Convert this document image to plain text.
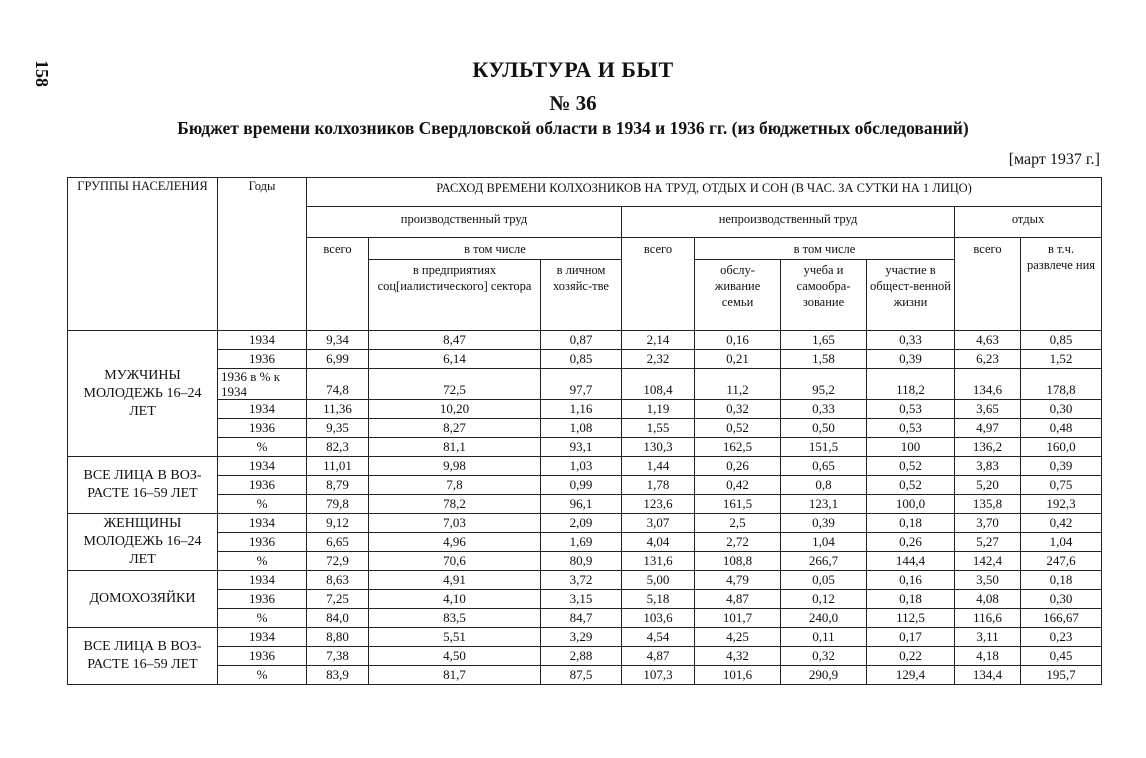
158	КУЛЬТУРА И БЫТ
№ 36
Бюджет времени колхозников Свердловской области в 1934 и 1936 гг. (из бюджетных обследований)
[март 1937 г.]
ГРУППЫ НАСЕЛЕНИЯ	Годы	РАСХОД ВРЕМЕНИ КОЛХОЗНИКОВ НА ТРУД, ОТДЫХ И СОН (В ЧАС. ЗА СУТКИ НА 1 ЛИЦО)								
		производственный труд			непроизводственный труд				отдых	
		всего	в том числе		всего	в том числе			всего	в т.ч. развлече ния
			в предприятиях соц[иалистического] сектора	в личном хозяйс-тве		обслу-живание семьи	учеба и самообра-зование	участие в общест-венной жизни		
МУЖЧИНЫ МОЛОДЕЖЬ 16–24 ЛЕТ	1934	9,34	8,47	0,87	2,14	0,16	1,65	0,33	4,63	0,85
	1936	6,99	6,14	0,85	2,32	0,21	1,58	0,39	6,23	1,52
	1936 в % к 1934	74,8	72,5	97,7	108,4	11,2	95,2	118,2	134,6	178,8
	1934	11,36	10,20	1,16	1,19	0,32	0,33	0,53	3,65	0,30
	1936	9,35	8,27	1,08	1,55	0,52	0,50	0,53	4,97	0,48
	%	82,3	81,1	93,1	130,3	162,5	151,5	100	136,2	160,0
ВСЕ ЛИЦА В ВОЗ-РАСТЕ 16–59 ЛЕТ	1934	11,01	9,98	1,03	1,44	0,26	0,65	0,52	3,83	0,39
	1936	8,79	7,8	0,99	1,78	0,42	0,8	0,52	5,20	0,75
	%	79,8	78,2	96,1	123,6	161,5	123,1	100,0	135,8	192,3
ЖЕНЩИНЫ МОЛОДЕЖЬ 16–24 ЛЕТ	1934	9,12	7,03	2,09	3,07	2,5	0,39	0,18	3,70	0,42
	1936	6,65	4,96	1,69	4,04	2,72	1,04	0,26	5,27	1,04
	%	72,9	70,6	80,9	131,6	108,8	266,7	144,4	142,4	247,6
ДОМОХОЗЯЙКИ	1934	8,63	4,91	3,72	5,00	4,79	0,05	0,16	3,50	0,18
	1936	7,25	4,10	3,15	5,18	4,87	0,12	0,18	4,08	0,30
	%	84,0	83,5	84,7	103,6	101,7	240,0	112,5	116,6	166,67
ВСЕ ЛИЦА В ВОЗ-РАСТЕ 16–59 ЛЕТ	1934	8,80	5,51	3,29	4,54	4,25	0,11	0,17	3,11	0,23
	1936	7,38	4,50	2,88	4,87	4,32	0,32	0,22	4,18	0,45
	%	83,9	81,7	87,5	107,3	101,6	290,9	129,4	134,4	195,7
